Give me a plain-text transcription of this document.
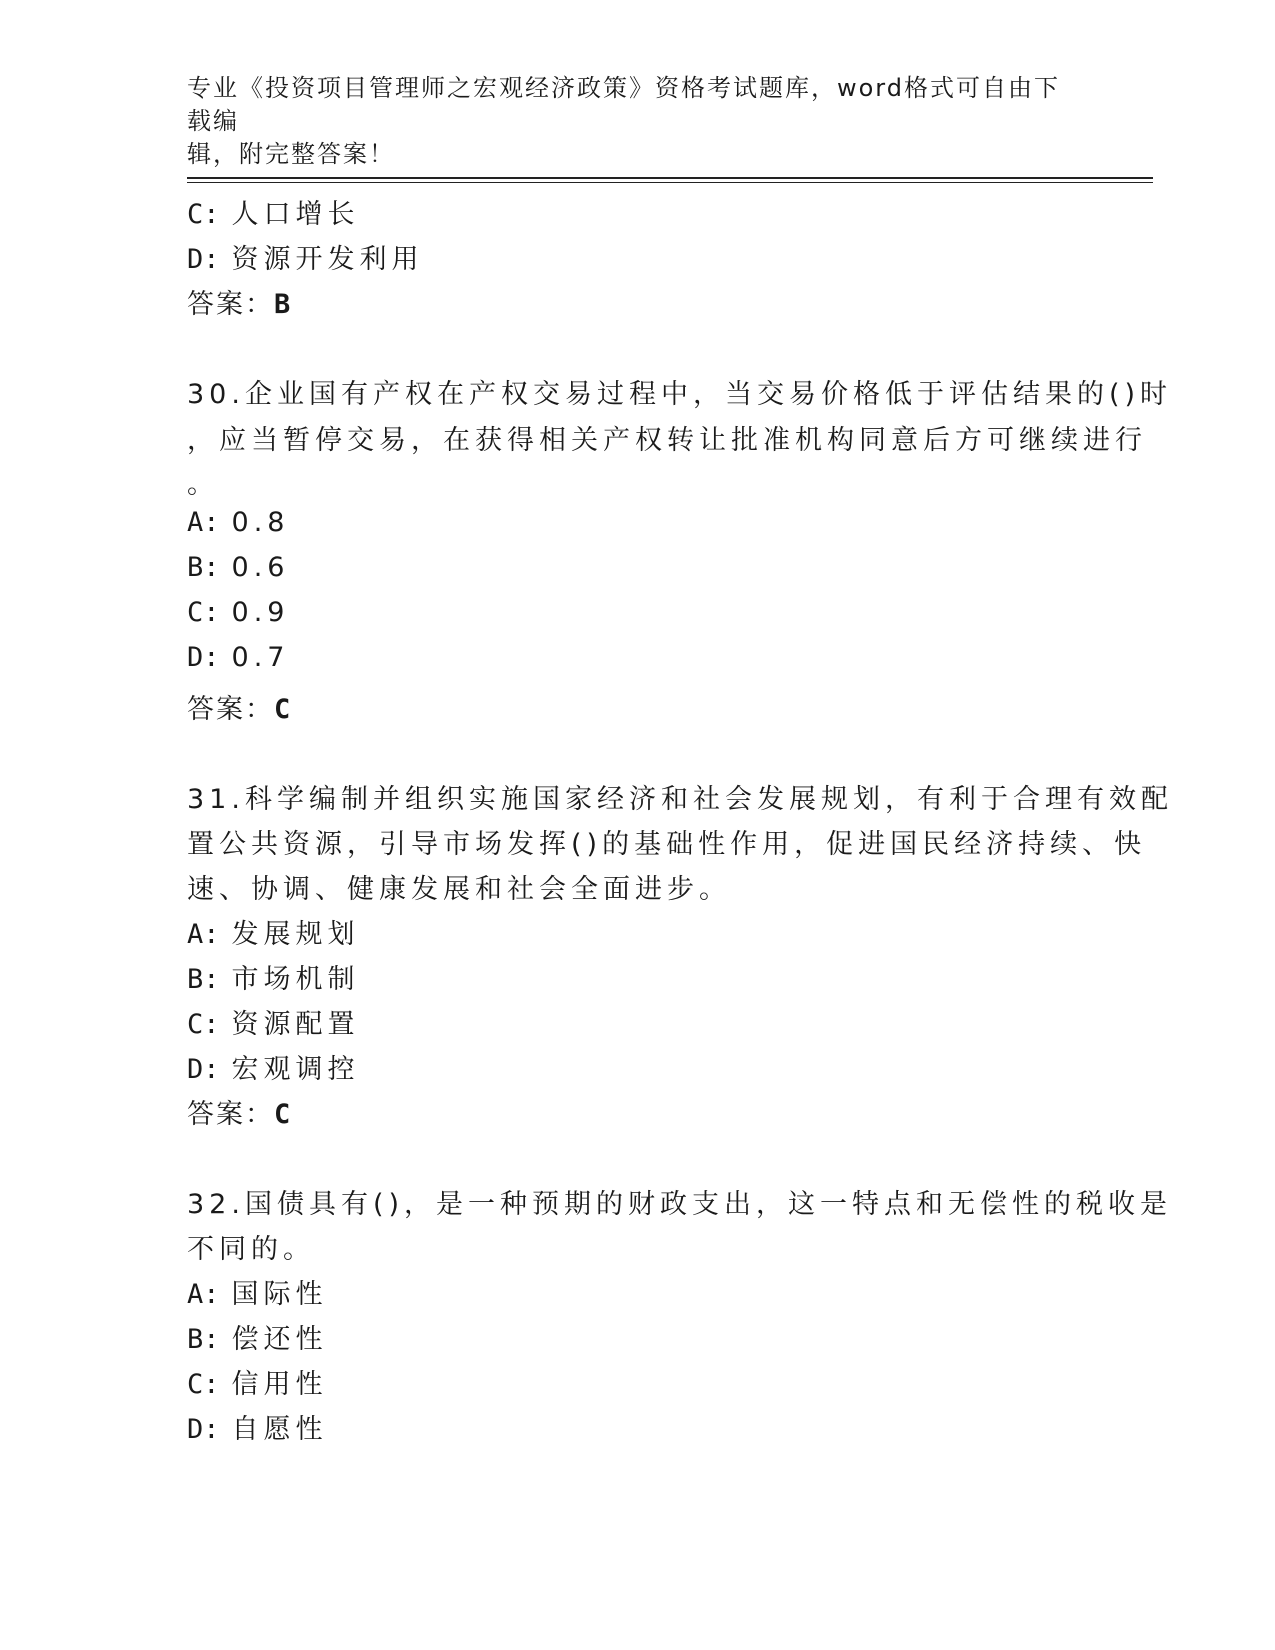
专业《投资项目管理师之宏观经济政策》资格考试题库，word格式可自由下载编
辑，附完整答案！
C: 人口增长
D: 资源开发利用
答案：B
30.企业国有产权在产权交易过程中，当交易价格低于评估结果的()时
，应当暂停交易，在获得相关产权转让批准机构同意后方可继续进行
。
A: 0.8
B: 0.6
C: 0.9
D: 0.7
答案：C
31.科学编制并组织实施国家经济和社会发展规划，有利于合理有效配
置公共资源，引导市场发挥()的基础性作用，促进国民经济持续、快
速、协调、健康发展和社会全面进步。
A: 发展规划
B: 市场机制
C: 资源配置
D: 宏观调控
答案：C
32.国债具有()，是一种预期的财政支出，这一特点和无偿性的税收是
不同的。
A: 国际性
B: 偿还性
C: 信用性
D: 自愿性
